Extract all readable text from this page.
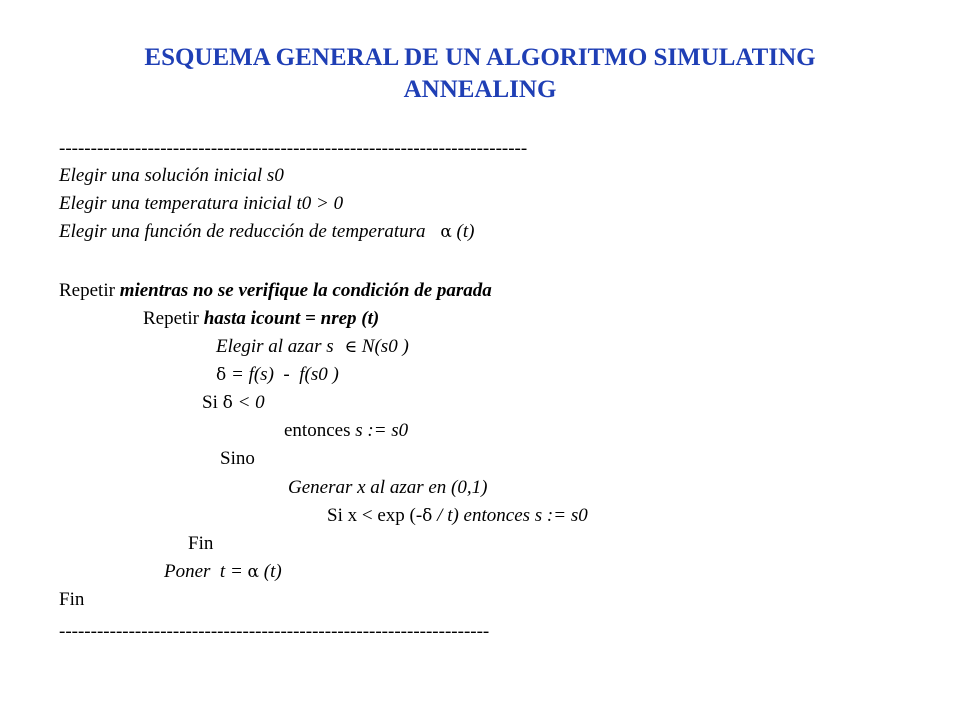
ESQUEMA GENERAL DE UN ALGORITMO SIMULATING
ANNEALING
--------------------------------------------------------------------------
Elegir una solución inicial s0
Elegir una temperatura inicial t0 > 0
Elegir una función de reducción de temperatura α (t)
Repetir mientras no se verifique la condición de parada
Repetir hasta icount = nrep (t)
Elegir al azar s ∈ N(s0 )
δ = f(s)  -  f(s0 )
Si δ < 0
entonces s := s0
Sino
Generar x al azar en (0,1)
Si x < exp (-δ / t) entonces s := s0
Fin
Poner  t = α (t)
Fin
--------------------------------------------------------------------
